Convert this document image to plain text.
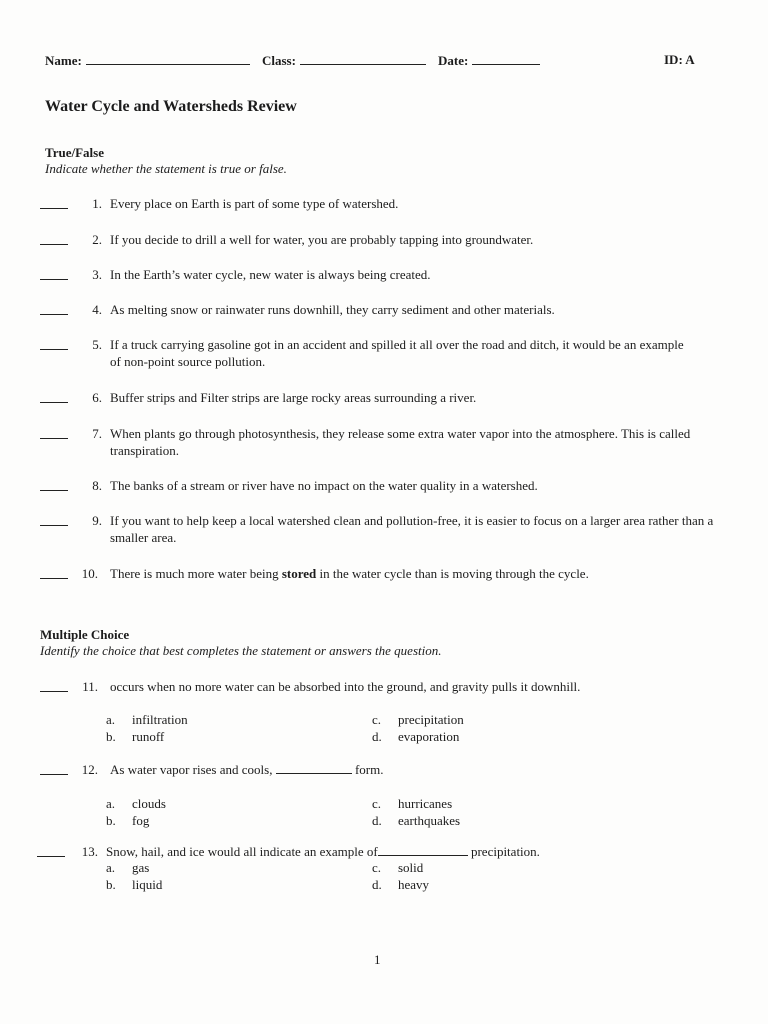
Name:	Class:	Date:	ID: A
Water Cycle and Watersheds Review
True/False
Indicate whether the statement is true or false.
1. Every place on Earth is part of some type of watershed.
2. If you decide to drill a well for water, you are probably tapping into groundwater.
3. In the Earth’s water cycle, new water is always being created.
4. As melting snow or rainwater runs downhill, they carry sediment and other materials.
5. If a truck carrying gasoline got in an accident and spilled it all over the road and ditch, it would be an example of non-point source pollution.
6. Buffer strips and Filter strips are large rocky areas surrounding a river.
7. When plants go through photosynthesis, they release some extra water vapor into the atmosphere. This is called transpiration.
8. The banks of a stream or river have no impact on the water quality in a watershed.
9. If you want to help keep a local watershed clean and pollution-free, it is easier to focus on a larger area rather than a smaller area.
10. There is much more water being stored in the water cycle than is moving through the cycle.
Multiple Choice
Identify the choice that best completes the statement or answers the question.
11. occurs when no more water can be absorbed into the ground, and gravity pulls it downhill.
a. infiltration
b. runoff
c. precipitation
d. evaporation
12. As water vapor rises and cools,	form.
a. clouds
b. fog
c. hurricanes
d. earthquakes
13. Snow, hail, and ice would all indicate an example of	precipitation.
a. gas
b. liquid
c. solid
d. heavy
1
